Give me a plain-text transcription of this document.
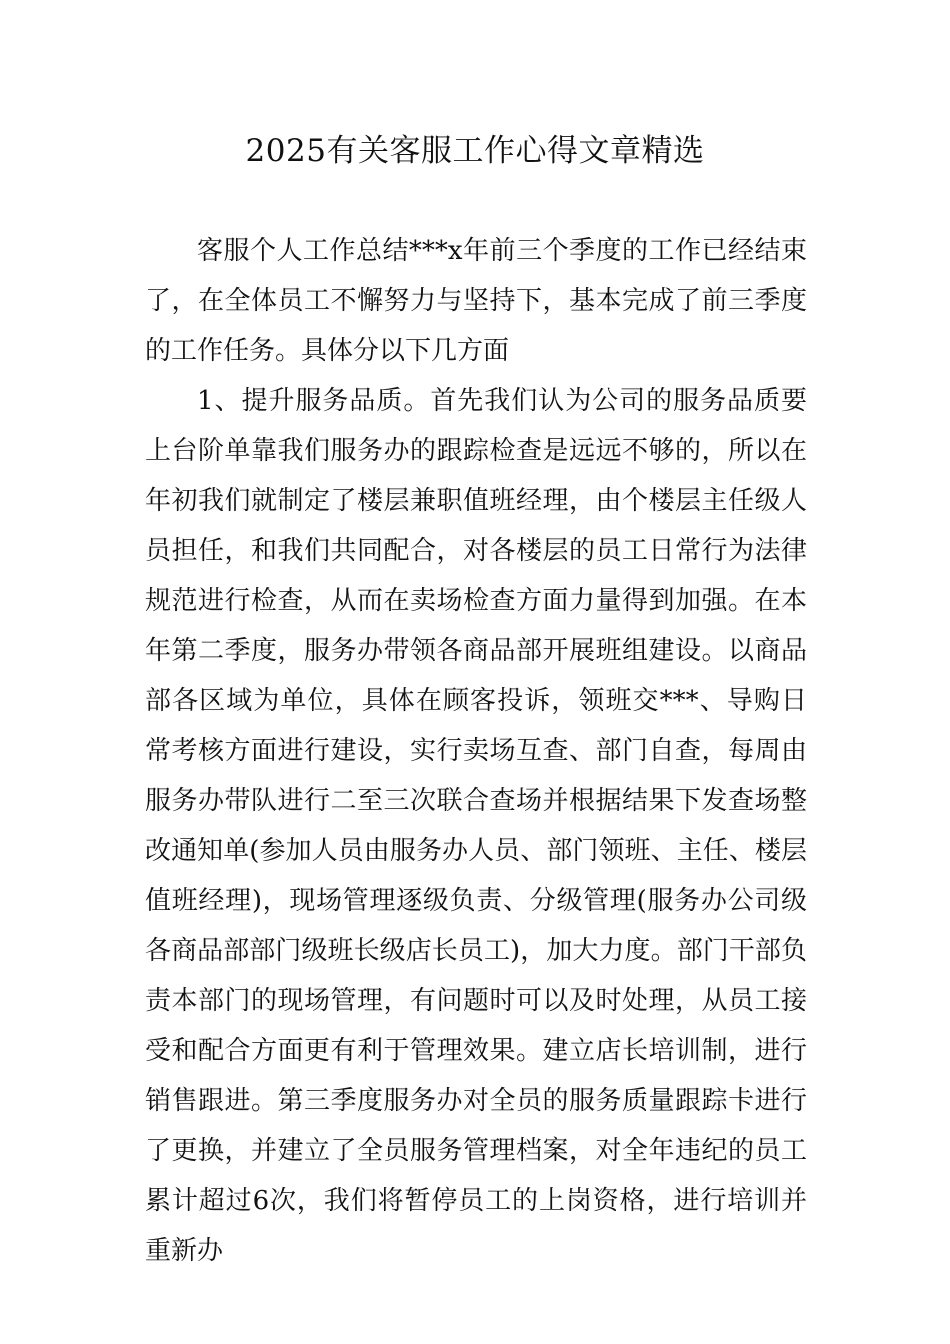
2025有关客服工作心得文章精选

客服个人工作总结***x年前三个季度的工作已经结束了，在全体员工不懈努力与坚持下，基本完成了前三季度的工作任务。具体分以下几方面

1、提升服务品质。首先我们认为公司的服务品质要上台阶单靠我们服务办的跟踪检查是远远不够的，所以在年初我们就制定了楼层兼职值班经理，由个楼层主任级人员担任，和我们共同配合，对各楼层的员工日常行为法律规范进行检查，从而在卖场检查方面力量得到加强。在本年第二季度，服务办带领各商品部开展班组建设。以商品部各区域为单位，具体在顾客投诉，领班交***、导购日常考核方面进行建设，实行卖场互查、部门自查，每周由服务办带队进行二至三次联合查场并根据结果下发查场整改通知单(参加人员由服务办人员、部门领班、主任、楼层值班经理)，现场管理逐级负责、分级管理(服务办公司级各商品部部门级班长级店长员工)，加大力度。部门干部负责本部门的现场管理，有问题时可以及时处理，从员工接受和配合方面更有利于管理效果。建立店长培训制，进行销售跟进。第三季度服务办对全员的服务质量跟踪卡进行了更换，并建立了全员服务管理档案，对全年违纪的员工累计超过6次，我们将暂停员工的上岗资格，进行培训并重新办
